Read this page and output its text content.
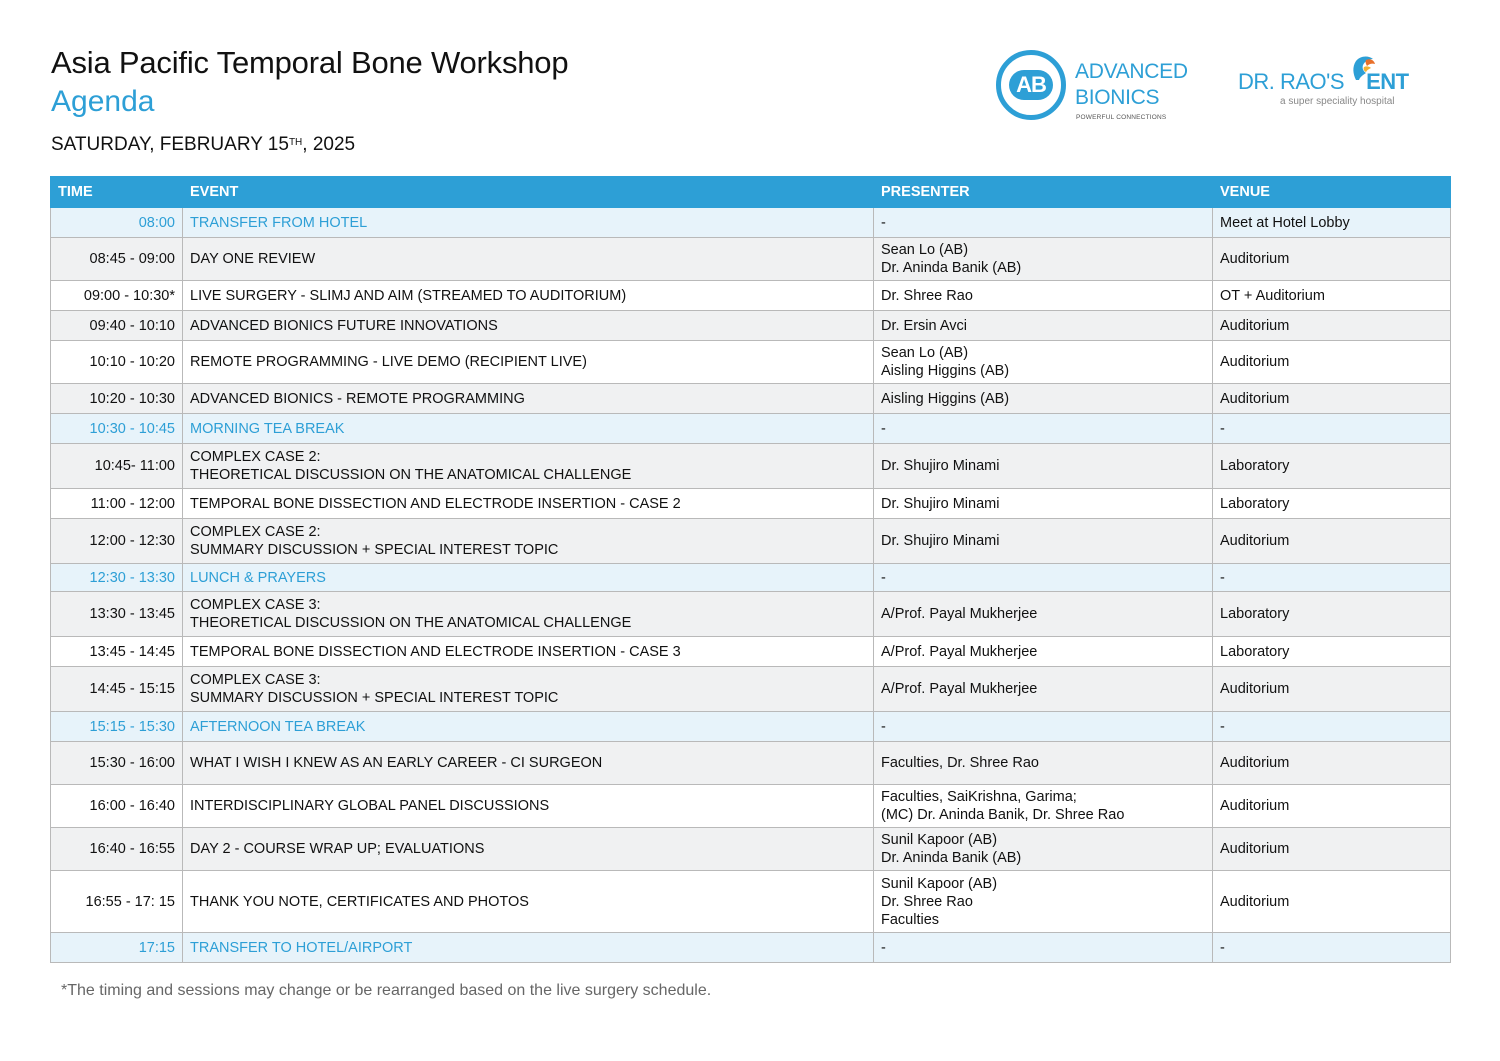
Asia Pacific Temporal Bone Workshop
Agenda
SATURDAY, FEBRUARY 15TH, 2025
AB
ADVANCED
BIONICS
POWERFUL CONNECTIONS
DR. RAO'S ENT
a super speciality hospital
TIME	EVENT	PRESENTER	VENUE
08:00	TRANSFER FROM HOTEL	-	Meet at Hotel Lobby
08:45 - 09:00	DAY ONE REVIEW	Sean Lo (AB)
Dr. Aninda Banik (AB)	Auditorium
09:00 - 10:30*	LIVE SURGERY - SLIMJ AND AIM (STREAMED TO AUDITORIUM)	Dr. Shree Rao	OT + Auditorium
09:40 - 10:10	ADVANCED BIONICS FUTURE INNOVATIONS	Dr. Ersin Avci	Auditorium
10:10 - 10:20	REMOTE PROGRAMMING - LIVE DEMO (RECIPIENT LIVE)	Sean Lo (AB)
Aisling Higgins (AB)	Auditorium
10:20 - 10:30	ADVANCED BIONICS - REMOTE PROGRAMMING	Aisling Higgins (AB)	Auditorium
10:30 - 10:45	MORNING TEA BREAK	-	-
10:45- 11:00	COMPLEX CASE 2:
THEORETICAL DISCUSSION ON THE ANATOMICAL CHALLENGE	Dr. Shujiro Minami	Laboratory
11:00 - 12:00	TEMPORAL BONE DISSECTION AND ELECTRODE INSERTION - CASE 2	Dr. Shujiro Minami	Laboratory
12:00 - 12:30	COMPLEX CASE 2:
SUMMARY DISCUSSION + SPECIAL INTEREST TOPIC	Dr. Shujiro Minami	Auditorium
12:30 - 13:30	LUNCH & PRAYERS	-	-
13:30 - 13:45	COMPLEX CASE 3:
THEORETICAL DISCUSSION ON THE ANATOMICAL CHALLENGE	A/Prof. Payal Mukherjee	Laboratory
13:45 - 14:45	TEMPORAL BONE DISSECTION AND ELECTRODE INSERTION - CASE 3	A/Prof. Payal Mukherjee	Laboratory
14:45 - 15:15	COMPLEX CASE 3:
SUMMARY DISCUSSION + SPECIAL INTEREST TOPIC	A/Prof. Payal Mukherjee	Auditorium
15:15 - 15:30	AFTERNOON TEA BREAK	-	-
15:30 - 16:00	WHAT I WISH I KNEW AS AN EARLY CAREER - CI SURGEON	Faculties, Dr. Shree Rao	Auditorium
16:00 - 16:40	INTERDISCIPLINARY GLOBAL PANEL DISCUSSIONS	Faculties, SaiKrishna, Garima;
(MC) Dr. Aninda Banik, Dr. Shree Rao	Auditorium
16:40 - 16:55	DAY 2 - COURSE WRAP UP; EVALUATIONS	Sunil Kapoor (AB)
Dr. Aninda Banik (AB)	Auditorium
16:55 - 17: 15	THANK YOU NOTE, CERTIFICATES AND PHOTOS	Sunil Kapoor (AB)
Dr. Shree Rao
Faculties	Auditorium
17:15	TRANSFER TO HOTEL/AIRPORT	-	-
*The timing and sessions may change or be rearranged based on the live surgery schedule.
